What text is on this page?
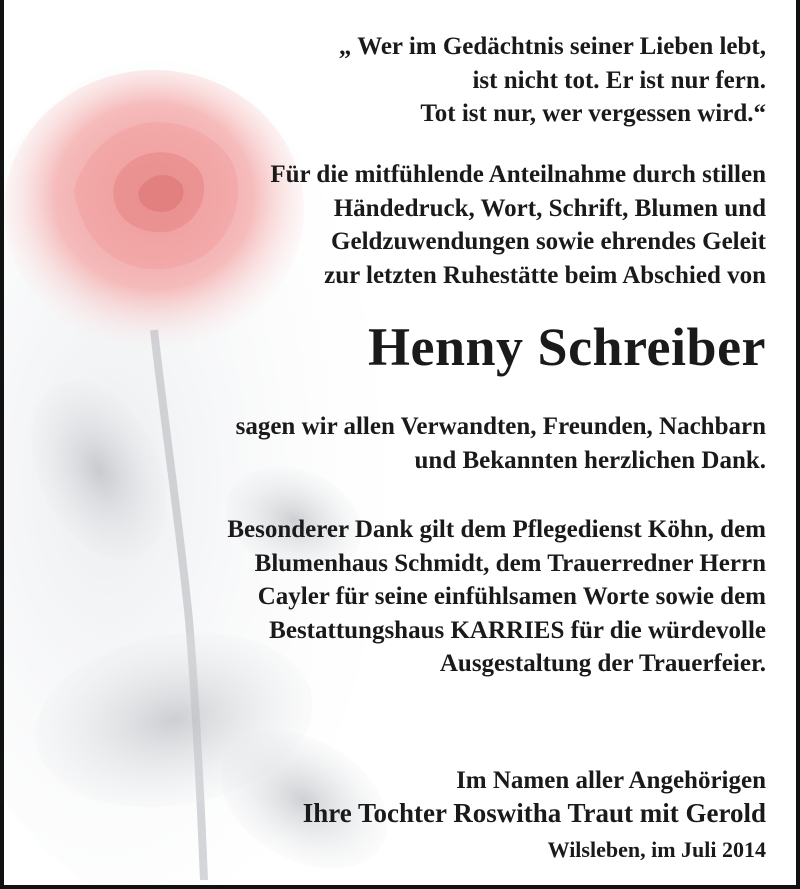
„ Wer im Gedächtnis seiner Lieben lebt,
ist nicht tot. Er ist nur fern.
Tot ist nur, wer vergessen wird.“
Für die mitfühlende Anteilnahme durch stillen
Händedruck, Wort, Schrift, Blumen und
Geldzuwendungen sowie ehrendes Geleit
zur letzten Ruhestätte beim Abschied von
Henny Schreiber
sagen wir allen Verwandten, Freunden, Nachbarn
und Bekannten herzlichen Dank.
Besonderer Dank gilt dem Pflegedienst Köhn, dem
Blumenhaus Schmidt, dem Trauerredner Herrn
Cayler für seine einfühlsamen Worte sowie dem
Bestattungshaus KARRIES für die würdevolle
Ausgestaltung der Trauerfeier.

Im Namen aller Angehörigen

Ihre Tochter Roswitha Traut mit Gerold

Wilsleben, im Juli 2014
